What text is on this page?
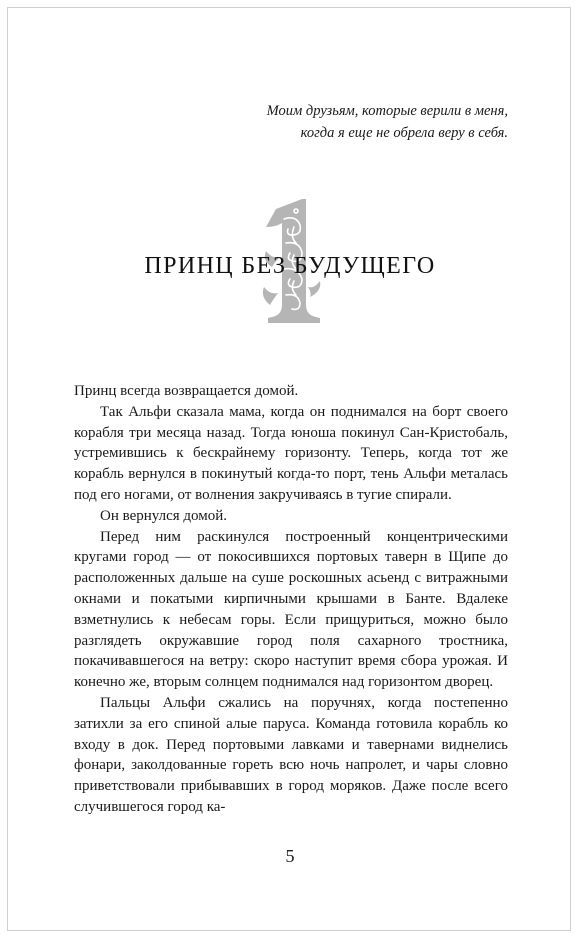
Моим друзьям, которые верили в меня,
когда я еще не обрела веру в себя.
ПРИНЦ БЕЗ БУДУЩЕГО

Принц всегда возвращается домой.

Так Альфи сказала мама, когда он поднимался на борт своего корабля три месяца назад. Тогда юноша покинул Сан-Кристобаль, устремившись к бескрайнему горизонту. Теперь, когда тот же корабль вернулся в покинутый когда-то порт, тень Альфи металась под его ногами, от волнения закручиваясь в тугие спирали.

Он вернулся домой.

Перед ним раскинулся построенный концентрическими кругами город — от покосившихся портовых таверн в Щипе до расположенных дальше на суше роскошных асьенд с витражными окнами и покатыми кирпичными крышами в Банте. Вдалеке взметнулись к небесам горы. Если прищуриться, можно было разглядеть окружавшие город поля сахарного тростника, покачивавшегося на ветру: скоро наступит время сбора урожая. И конечно же, вторым солнцем поднимался над горизонтом дворец.

Пальцы Альфи сжались на поручнях, когда постепенно затихли за его спиной алые паруса. Команда готовила корабль ко входу в док. Перед портовыми лавками и тавернами виднелись фонари, заколдованные гореть всю ночь напролет, и чары словно приветствовали прибывавших в город моряков. Даже после всего случившегося город ка-

5
